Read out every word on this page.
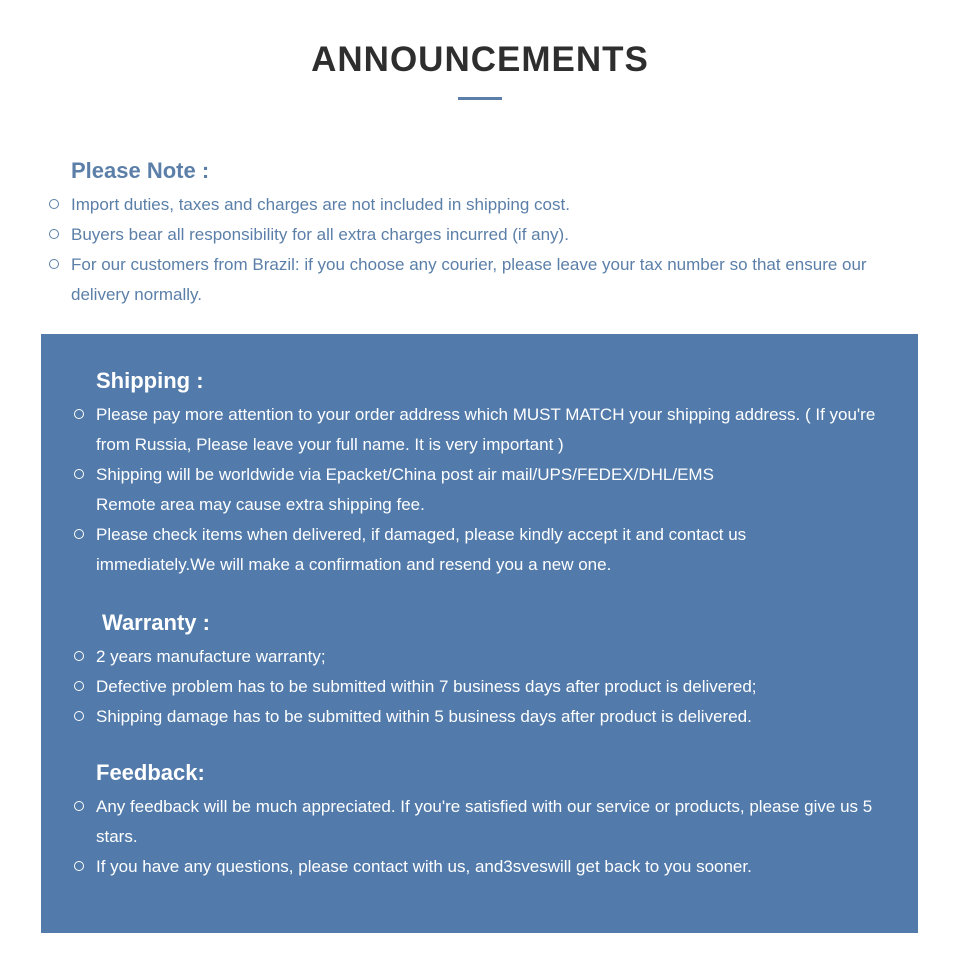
ANNOUNCEMENTS
Please Note :
Import duties, taxes and charges are not included in shipping cost.
Buyers bear all responsibility for all extra charges incurred (if any).
For our customers from Brazil: if you choose any courier, please leave your tax number so that ensure our delivery normally.
Shipping :
Please pay more attention to your order address which MUST MATCH your shipping address. ( If you're from Russia, Please leave your full name. It is very important )
Shipping will be worldwide via Epacket/China post air mail/UPS/FEDEX/DHL/EMS
Remote area may cause extra shipping fee.
Please check items when delivered, if damaged, please kindly accept it and contact us immediately.We will make a confirmation and resend you a new one.
Warranty :
2 years manufacture warranty;
Defective problem has to be submitted within 7 business days after product is delivered;
Shipping damage has to be submitted within 5 business days after product is delivered.
Feedback:
Any feedback will be much appreciated. If you're satisfied with our service or products, please give us 5 stars.
If you have any questions, please contact with us, and3sveswill get back to you sooner.
